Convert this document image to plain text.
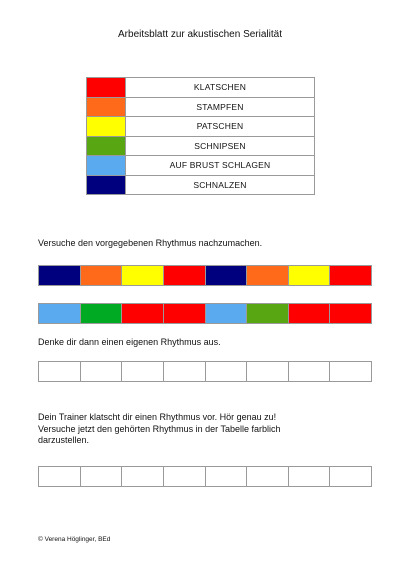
Arbeitsblatt zur akustischen Serialität
	KLATSCHEN
	STAMPFEN
	PATSCHEN
	SCHNIPSEN
	AUF BRUST SCHLAGEN
	SCHNALZEN
Versuche den vorgegebenen Rhythmus nachzumachen.
Denke dir dann einen eigenen Rhythmus aus.
Dein Trainer klatscht dir einen Rhythmus vor. Hör genau zu!
Versuche jetzt den gehörten Rhythmus in der Tabelle farblich
darzustellen.
© Verena Höglinger, BEd
